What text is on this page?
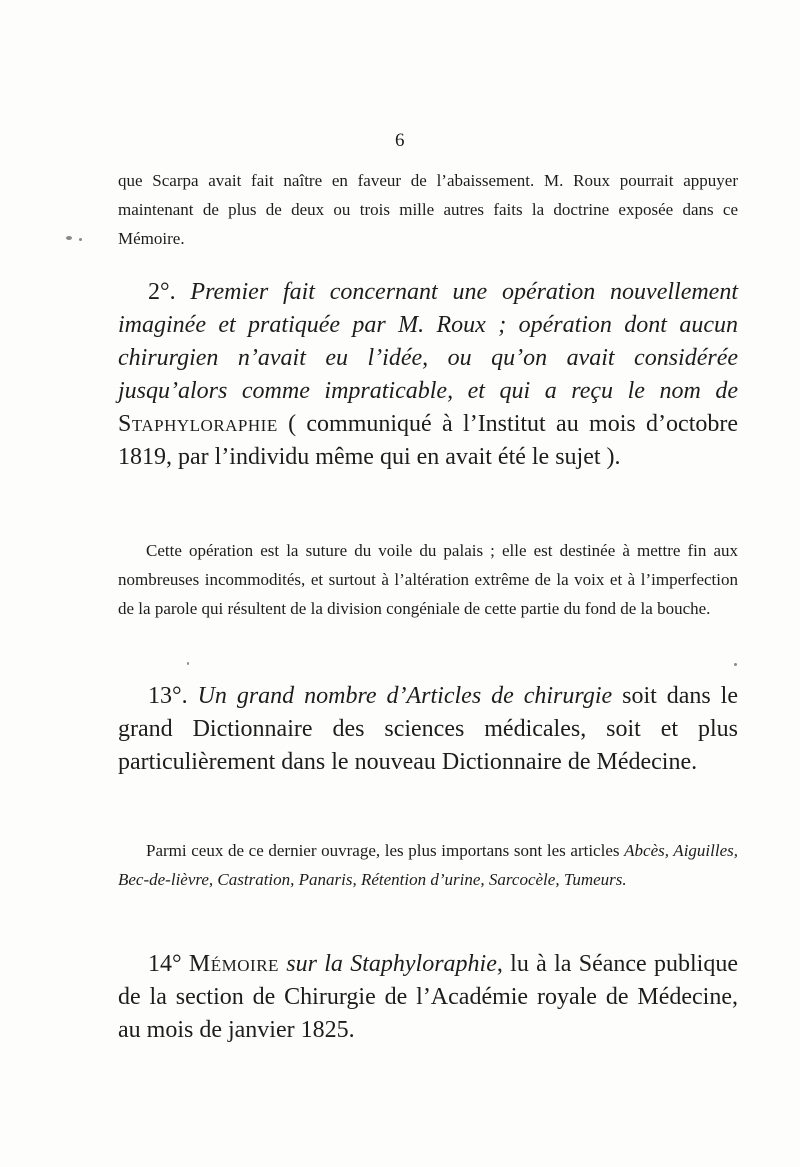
6
que Scarpa avait fait naître en faveur de l’abaissement. M. Roux pourrait appuyer maintenant de plus de deux ou trois mille autres faits la doctrine exposée dans ce Mémoire.
2°. Premier fait concernant une opération nouvellement imaginée et pratiquée par M. Roux ; opération dont aucun chirurgien n’avait eu l’idée, ou qu’on avait considérée jusqu’alors comme impraticable, et qui a reçu le nom de Staphyloraphie ( communiqué à l’Institut au mois d’octobre 1819, par l’individu même qui en avait été le sujet ).
Cette opération est la suture du voile du palais ; elle est destinée à mettre fin aux nombreuses incommodités, et surtout à l’altération extrême de la voix et à l’imperfection de la parole qui résultent de la division congéniale de cette partie du fond de la bouche.
13°. Un grand nombre d’Articles de chirurgie soit dans le grand Dictionnaire des sciences médicales, soit et plus particulièrement dans le nouveau Dictionnaire de Médecine.
Parmi ceux de ce dernier ouvrage, les plus importans sont les articles Abcès, Aiguilles, Bec-de-lièvre, Castration, Panaris, Rétention d’urine, Sarcocèle, Tumeurs.
14° Mémoire sur la Staphyloraphie, lu à la Séance publique de la section de Chirurgie de l’Académie royale de Médecine, au mois de janvier 1825.
